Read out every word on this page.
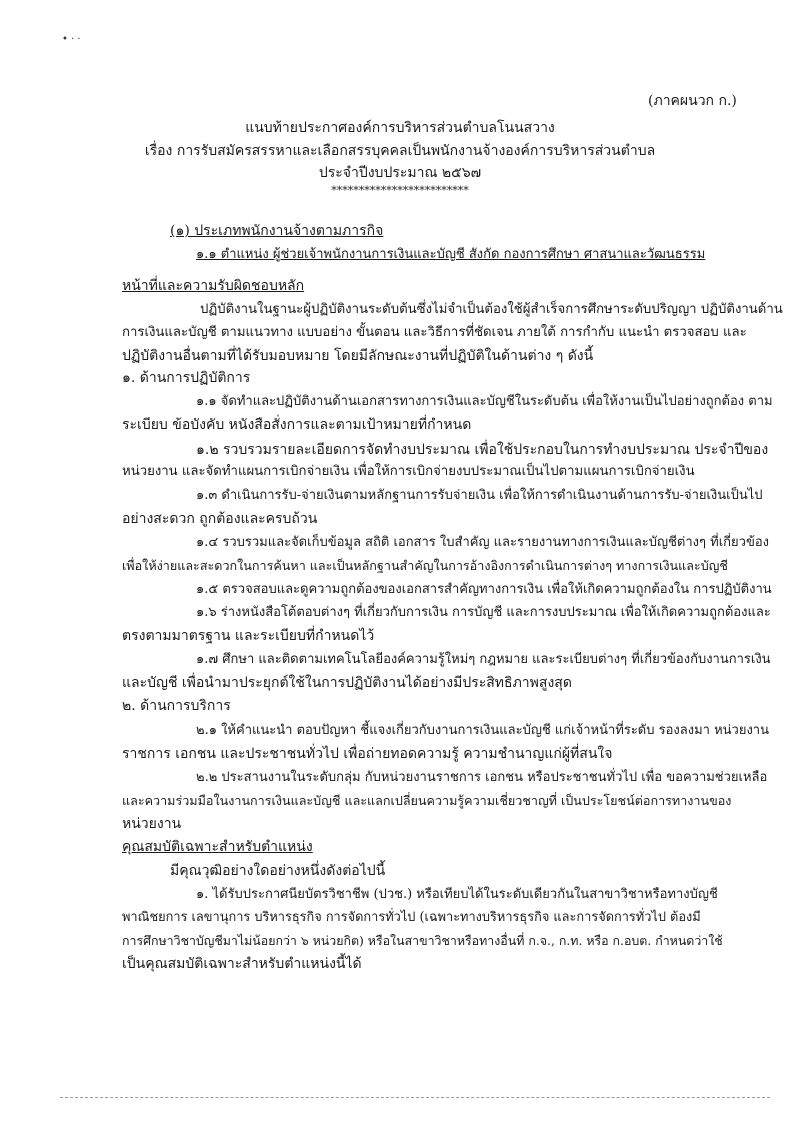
• · ·
(ภาคผนวก ก.)
แนบท้ายประกาศองค์การบริหารส่วนตำบลโนนสวาง
เรื่อง การรับสมัครสรรหาและเลือกสรรบุคคลเป็นพนักงานจ้างองค์การบริหารส่วนตำบล
ประจำปีงบประมาณ ๒๕๖๗
*************************
(๑) ประเภทพนักงานจ้างตามภารกิจ
๑.๑ ตำแหน่ง ผู้ช่วยเจ้าพนักงานการเงินและบัญชี สังกัด กองการศึกษา ศาสนาและวัฒนธรรม
หน้าที่และความรับผิดชอบหลัก
ปฏิบัติงานในฐานะผู้ปฏิบัติงานระดับต้นซึ่งไม่จำเป็นต้องใช้ผู้สำเร็จการศึกษาระดับปริญญา ปฏิบัติงานด้าน
การเงินและบัญชี ตามแนวทาง แบบอย่าง ขั้นตอน และวิธีการที่ชัดเจน ภายใต้ การกำกับ แนะนำ ตรวจสอบ และ
ปฏิบัติงานอื่นตามที่ได้รับมอบหมาย โดยมีลักษณะงานที่ปฏิบัติในด้านต่าง ๆ ดังนี้
๑. ด้านการปฏิบัติการ
๑.๑ จัดทำและปฏิบัติงานด้านเอกสารทางการเงินและบัญชีในระดับต้น เพื่อให้งานเป็นไปอย่างถูกต้อง ตาม
ระเบียบ ข้อบังคับ หนังสือสั่งการและตามเป้าหมายที่กำหนด
๑.๒ รวบรวมรายละเอียดการจัดทำงบประมาณ เพื่อใช้ประกอบในการทำงบประมาณ ประจำปีของ
หน่วยงาน และจัดทำแผนการเบิกจ่ายเงิน เพื่อให้การเบิกจ่ายงบประมาณเป็นไปตามแผนการเบิกจ่ายเงิน
๑.๓ ดำเนินการรับ-จ่ายเงินตามหลักฐานการรับจ่ายเงิน เพื่อให้การดำเนินงานด้านการรับ-จ่ายเงินเป็นไป
อย่างสะดวก ถูกต้องและครบถ้วน
๑.๔ รวบรวมและจัดเก็บข้อมูล สถิติ เอกสาร ใบสำคัญ และรายงานทางการเงินและบัญชีต่างๆ ที่เกี่ยวข้อง
เพื่อให้ง่ายและสะดวกในการค้นหา และเป็นหลักฐานสำคัญในการอ้างอิงการดำเนินการต่างๆ ทางการเงินและบัญชี
๑.๕ ตรวจสอบและดูความถูกต้องของเอกสารสำคัญทางการเงิน เพื่อให้เกิดความถูกต้องใน การปฏิบัติงาน
๑.๖ ร่างหนังสือโต้ตอบต่างๆ ที่เกี่ยวกับการเงิน การบัญชี และการงบประมาณ เพื่อให้เกิดความถูกต้องและ
ตรงตามมาตรฐาน และระเบียบที่กำหนดไว้
๑.๗ ศึกษา และติดตามเทคโนโลยีองค์ความรู้ใหม่ๆ กฎหมาย และระเบียบต่างๆ ที่เกี่ยวข้องกับงานการเงิน
และบัญชี เพื่อนำมาประยุกต์ใช้ในการปฏิบัติงานได้อย่างมีประสิทธิภาพสูงสุด
๒. ด้านการบริการ
๒.๑ ให้คำแนะนำ ตอบปัญหา ชี้แจงเกี่ยวกับงานการเงินและบัญชี แก่เจ้าหน้าที่ระดับ รองลงมา หน่วยงาน
ราชการ เอกชน และประชาชนทั่วไป เพื่อถ่ายทอดความรู้ ความชำนาญแก่ผู้ที่สนใจ
๒.๒ ประสานงานในระดับกลุ่ม กับหน่วยงานราชการ เอกชน หรือประชาชนทั่วไป เพื่อ ขอความช่วยเหลือ
และความร่วมมือในงานการเงินและบัญชี และแลกเปลี่ยนความรู้ความเชี่ยวชาญที่ เป็นประโยชน์ต่อการทางานของ
หน่วยงาน
คุณสมบัติเฉพาะสำหรับตำแหน่ง
มีคุณวุฒิอย่างใดอย่างหนึ่งดังต่อไปนี้
๑. ได้รับประกาศนียบัตรวิชาชีพ (ปวช.) หรือเทียบได้ในระดับเดียวกันในสาขาวิชาหรือทางบัญชี
พาณิชยการ เลขานุการ บริหารธุรกิจ การจัดการทั่วไป (เฉพาะทางบริหารธุรกิจ และการจัดการทั่วไป ต้องมี
การศึกษาวิชาบัญชีมาไม่น้อยกว่า ๖ หน่วยกิต) หรือในสาขาวิชาหรือทางอื่นที่ ก.จ., ก.ท. หรือ ก.อบต. กำหนดว่าใช้
เป็นคุณสมบัติเฉพาะสำหรับตำแหน่งนี้ได้
